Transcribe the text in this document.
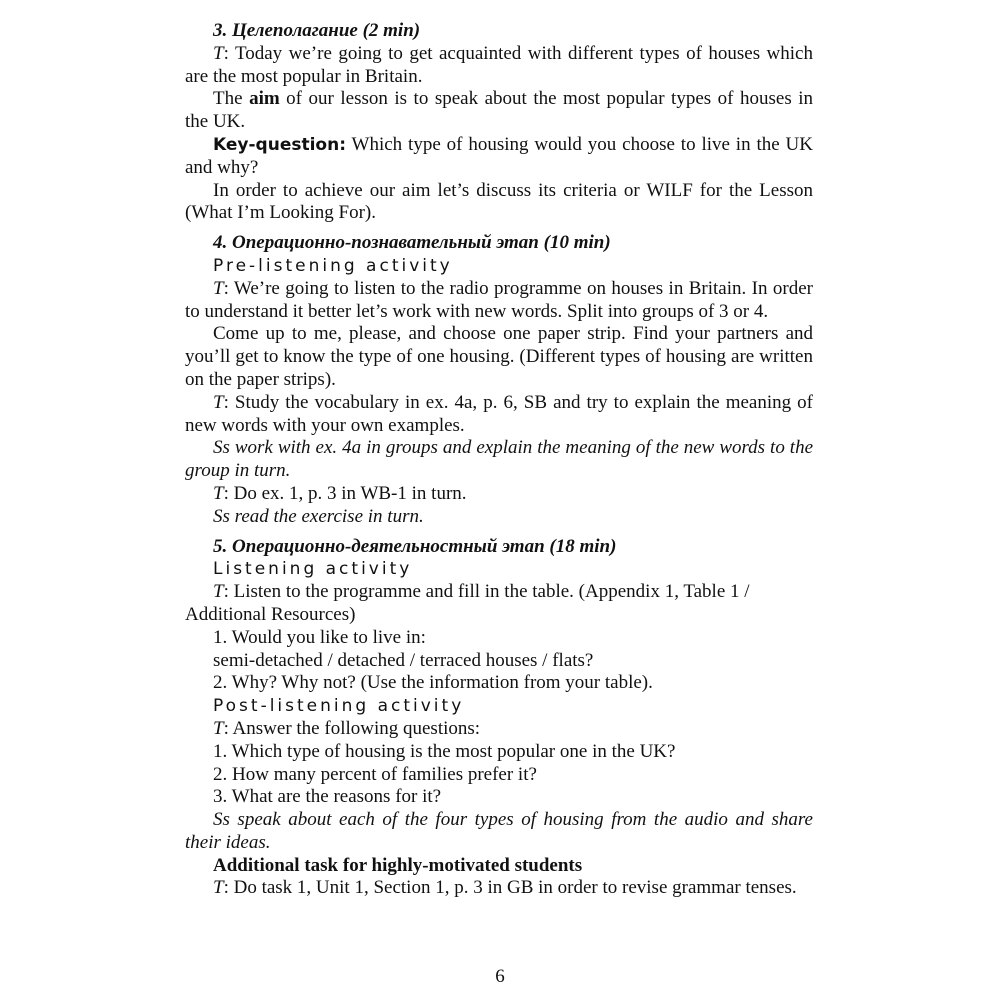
3. Целеполагание (2 min)

T: Today we’re going to get acquainted with different types of houses which are the most popular in Britain.

The aim of our lesson is to speak about the most popular types of houses in the UK.

Key-question: Which type of housing would you choose to live in the UK and why?

In order to achieve our aim let’s discuss its criteria or WILF for the Lesson (What I’m Looking For).

4. Операционно-познавательный этап (10 min)

Pre-listening activity

T: We’re going to listen to the radio programme on houses in Britain. In order to understand it better let’s work with new words. Split into groups of 3 or 4.

Come up to me, please, and choose one paper strip. Find your partners and you’ll get to know the type of one housing. (Different types of housing are written on the paper strips).

T: Study the vocabulary in ex. 4a, p. 6, SB and try to explain the meaning of new words with your own examples.

Ss work with ex. 4a in groups and explain the meaning of the new words to the group in turn.

T: Do ex. 1, p. 3 in WB-1 in turn.

Ss read the exercise in turn.

5. Операционно-деятельностный этап (18 min)

Listening activity

T: Listen to the programme and fill in the table. (Appendix 1, Table 1 / Additional Resources)

1. Would you like to live in:

semi-detached / detached / terraced houses / flats?

2. Why? Why not? (Use the information from your table).

Post-listening activity

T: Answer the following questions:

1. Which type of housing is the most popular one in the UK?

2. How many percent of families prefer it?

3. What are the reasons for it?

Ss speak about each of the four types of housing from the audio and share their ideas.

Additional task for highly-motivated students

T: Do task 1, Unit 1, Section 1, p. 3 in GB in order to revise grammar tenses.

6
